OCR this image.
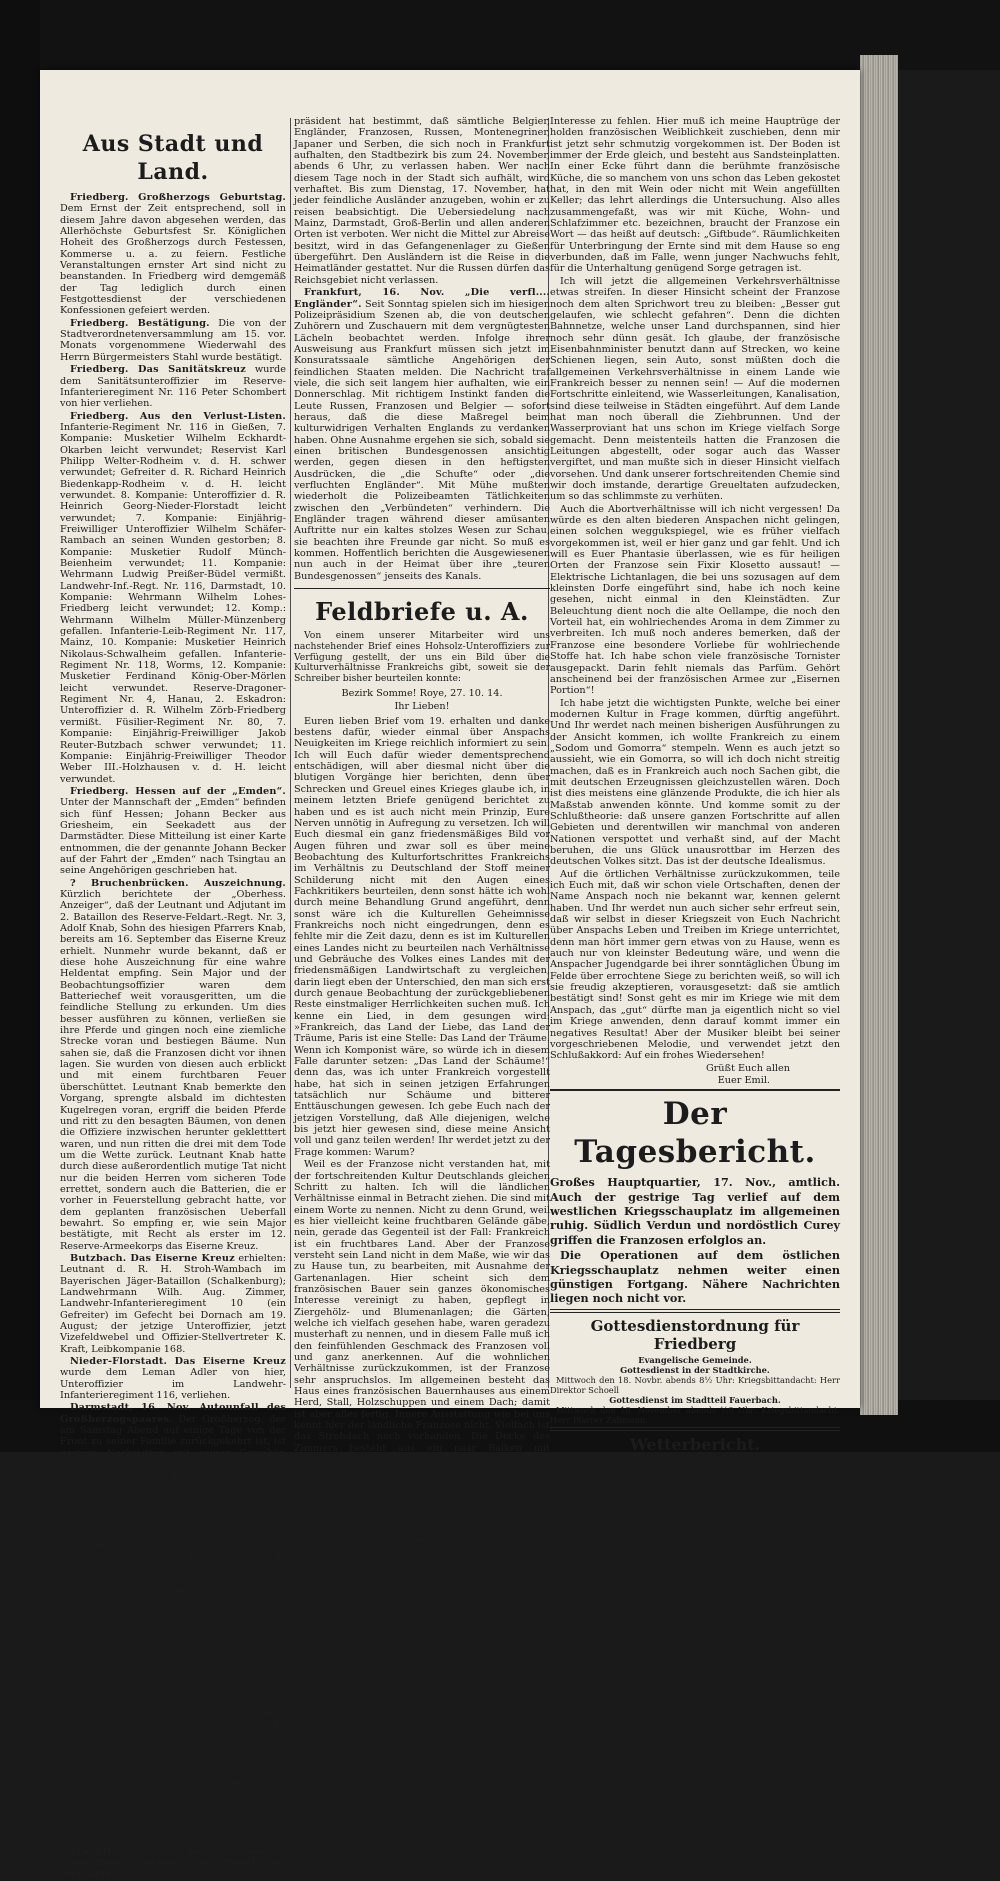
Aus Stadt und Land.

Friedberg. Großherzogs Geburtstag. Dem Ernst der Zeit entsprechend, soll in diesem Jahre davon abgesehen werden, das Allerhöchste Geburtsfest Sr. Königlichen Hoheit des Großherzogs durch Festessen, Kommerse u. a. zu feiern. Festliche Veranstaltungen ernster Art sind nicht zu beanstanden. In Friedberg wird demgemäß der Tag lediglich durch einen Festgottesdienst der verschiedenen Konfessionen gefeiert werden.

Friedberg. Bestätigung. Die von der Stadtverordnetenversammlung am 15. vor. Monats vorgenommene Wiederwahl des Herrn Bürgermeisters Stahl wurde bestätigt.

Friedberg. Das Sanitätskreuz wurde dem Sanitätsunteroffizier im Reserve-Infanterieregiment Nr. 116 Peter Schombert von hier verliehen.

Friedberg. Aus den Verlust-Listen. Infanterie-Regiment Nr. 116 in Gießen, 7. Kompanie: Musketier Wilhelm Eckhardt-Okarben leicht verwundet; Reservist Karl Philipp Welter-Rodheim v. d. H. schwer verwundet; Gefreiter d. R. Richard Heinrich Biedenkapp-Rodheim v. d. H. leicht verwundet. 8. Kompanie: Unteroffizier d. R. Heinrich Georg-Nieder-Florstadt leicht verwundet; 7. Kompanie: Einjährig-Freiwilliger Unteroffizier Wilhelm Schäfer-Rambach an seinen Wunden gestorben; 8. Kompanie: Musketier Rudolf Münch-Beienheim verwundet; 11. Kompanie: Wehrmann Ludwig Preißer-Büdel vermißt. Landwehr-Inf.-Regt. Nr. 116, Darmstadt, 10. Kompanie: Wehrmann Wilhelm Lohes-Friedberg leicht verwundet; 12. Komp.: Wehrmann Wilhelm Müller-Münzenberg gefallen. Infanterie-Leib-Regiment Nr. 117, Mainz, 10. Kompanie: Musketier Heinrich Nikolaus-Schwalheim gefallen. Infanterie-Regiment Nr. 118, Worms, 12. Kompanie: Musketier Ferdinand König-Ober-Mörlen leicht verwundet. Reserve-Dragoner-Regiment Nr. 4, Hanau, 2. Eskadron: Unteroffizier d. R. Wilhelm Zörb-Friedberg vermißt. Füsilier-Regiment Nr. 80, 7. Kompanie: Einjährig-Freiwilliger Jakob Reuter-Butzbach schwer verwundet; 11. Kompanie: Einjährig-Freiwilliger Theodor Weber III.-Holzhausen v. d. H. leicht verwundet.

Friedberg. Hessen auf der „Emden“. Unter der Mannschaft der „Emden“ befinden sich fünf Hessen; Johann Becker aus Griesheim, ein Seekadett aus der Darmstädter. Diese Mitteilung ist einer Karte entnommen, die der genannte Johann Becker auf der Fahrt der „Emden“ nach Tsingtau an seine Angehörigen geschrieben hat.

? Bruchenbrücken. Auszeichnung. Kürzlich berichtete der „Oberhess. Anzeiger“, daß der Leutnant und Adjutant im 2. Bataillon des Reserve-Feldart.-Regt. Nr. 3, Adolf Knab, Sohn des hiesigen Pfarrers Knab, bereits am 16. September das Eiserne Kreuz erhielt. Nunmehr wurde bekannt, daß er diese hohe Auszeichnung für eine wahre Heldentat empfing. Sein Major und der Beobachtungsoffizier waren dem Batteriechef weit vorausgeritten, um die feindliche Stellung zu erkunden. Um dies besser ausführen zu können, verließen sie ihre Pferde und gingen noch eine ziemliche Strecke voran und bestiegen Bäume. Nun sahen sie, daß die Franzosen dicht vor ihnen lagen. Sie wurden von diesen auch erblickt und mit einem furchtbaren Feuer überschüttet. Leutnant Knab bemerkte den Vorgang, sprengte alsbald im dichtesten Kugelregen voran, ergriff die beiden Pferde und ritt zu den besagten Bäumen, von denen die Offiziere inzwischen herunter gekletttert waren, und nun ritten die drei mit dem Tode um die Wette zurück. Leutnant Knab hatte durch diese außerordentlich mutige Tat nicht nur die beiden Herren vom sicheren Tode errettet, sondern auch die Batterien, die er vorher in Feuerstellung gebracht hatte, vor dem geplanten französischen Ueberfall bewahrt. So empfing er, wie sein Major bestätigte, mit Recht als erster im 12. Reserve-Armeekorps das Eiserne Kreuz.

Butzbach. Das Eiserne Kreuz erhielten: Leutnant d. R. H. Stroh-Wambach im Bayerischen Jäger-Bataillon (Schalkenburg); Landwehrmann Wilh. Aug. Zimmer, Landwehr-Infanterieregiment 10 (ein Gefreiter) im Gefecht bei Dornach am 19. August; der jetzige Unteroffizier, jetzt Vizefeldwebel und Offizier-Stellvertreter K. Kraft, Leibkompanie 168.

Nieder-Florstadt. Das Eiserne Kreuz wurde dem Leman Adler von hier, Unteroffizier im Landwehr-Infanterieregiment 116, verliehen.

Darmstadt, 16. Nov. Autounfall des Großherzogspaares. Der Großherzog, der am Samstag Abend auf einige Tage von der Front zu seiner Familie zurückgekehrt ist, ist gestern Nachmittag mit seiner Gemahlin einer großen Gefahr entgangen. Nachdem das Großherzogliche Paar am Morgen den Gottesdienst in der Hofkirche besucht hatte, wollte man am Nachmittag im Auto einen Besuch des Prinzenpaares Friedrich Karl in Frankfurt unternehmen. Das Auto, das nicht von dem gewohnten Chauffeur, sondern von einer jüngeren Kraft gesteuert wurde, fuhr in raschem Tempo über die Feldbergstraße, als an der Kreuzung des Dornheimerweges ein Wagen der Elektrischen Straßenbahn vom Bahnhof her heranfam. Beide Gefährte bemerkten sich aber zu spät. Der Chauffeur versuchte sofort zu bremsen, doch konnte der Zusammenstoß nicht mehr vermieden werden. Das Auto des Großherzoglichen Paares wurde von dem Wagen der Straßenbahn erfaßt und einige Meter zur Seite an den Bordstein der Straße geschleudert. Der Chauffeur stürzte aus dem Wagen, während das Großherzogspaar trotz des Ernstes des Vorfalles mit dem bloßen Schrecken davonkam. Auch der Chauffeur wurde nicht verletzt. Es wurde festgestellt, daß der Straßenbahnwagen, der richtiges Signal gegeben zu haben, noch schnell ein, als ob der Chauffeur nicht die richtige Fahrbahn eingehalten hat. Die polizeilichen Erhebungen sind im Gange. Das Auto wurde an den Hofwagen heran von Hofangestellten abgeholt. Der Großherzog wohnte abends im Hoftheater der Vorstellung von Tristan und Isolde unter Felix Weingartner bei. (Alsf. Ztg.)

Frankfurt, 15. Nov. Schärfere Maßnahmen gegen die feindlichen Ausländer. Der Polizei-

präsident hat bestimmt, daß sämtliche Belgier, Engländer, Franzosen, Russen, Montenegriner, Japaner und Serben, die sich noch in Frankfurt aufhalten, den Stadtbezirk bis zum 24. November, abends 6 Uhr, zu verlassen haben. Wer nach diesem Tage noch in der Stadt sich aufhält, wird verhaftet. Bis zum Dienstag, 17. November, hat jeder feindliche Ausländer anzugeben, wohin er zu reisen beabsichtigt. Die Uebersiedelung nach Mainz, Darmstadt, Groß-Berlin und allen anderen Orten ist verboten. Wer nicht die Mittel zur Abreise besitzt, wird in das Gefangenenlager zu Gießen übergeführt. Den Ausländern ist die Reise in die Heimatländer gestattet. Nur die Russen dürfen das Reichsgebiet nicht verlassen.

Frankfurt, 16. Nov. „Die verfl.... Engländer“. Seit Sonntag spielen sich im hiesigen Polizeipräsidium Szenen ab, die von deutschen Zuhörern und Zuschauern mit dem vergnügtesten Lächeln beobachtet werden. Infolge ihrer Ausweisung aus Frankfurt müssen sich jetzt im Konsuratssaale sämtliche Angehörigen der feindlichen Staaten melden. Die Nachricht traf viele, die sich seit langem hier aufhalten, wie ein Donnerschlag. Mit richtigem Instinkt fanden die Leute Russen, Franzosen und Belgier — sofort heraus, daß die diese Maßregel beim kulturwidrigen Verhalten Englands zu verdanken haben. Ohne Ausnahme ergehen sie sich, sobald sie einen britischen Bundesgenossen ansichtig werden, gegen diesen in den heftigsten Ausdrücken, die „die Schufte“ oder „die verfluchten Engländer“. Mit Mühe mußten wiederholt die Polizeibeamten Tätlichkeiten zwischen den „Verbündeten“ verhindern. Die Engländer tragen während dieser amüsanten Auftritte nur ein kaltes stolzes Wesen zur Schau, sie beachten ihre Freunde gar nicht. So muß es kommen. Hoffentlich berichten die Ausgewiesenen nun auch in der Heimat über ihre „teuren Bundesgenossen“ jenseits des Kanals.

Feldbriefe u. A.

Von einem unserer Mitarbeiter wird uns nachstehender Brief eines Hohsolz-Unteroffiziers zur Verfügung gestellt, der uns ein Bild über die Kulturverhältnisse Frankreichs gibt, soweit sie der Schreiber bisher beurteilen konnte:

Bezirk Somme! Roye, 27. 10. 14.

Ihr Lieben!

Euren lieben Brief vom 19. erhalten und danke bestens dafür, wieder einmal über Anspachs Neuigkeiten im Kriege reichlich informiert zu sein. Ich will Euch dafür wieder dementsprechend entschädigen, will aber diesmal nicht über die blutigen Vorgänge hier berichten, denn über Schrecken und Greuel eines Krieges glaube ich, in meinem letzten Briefe genügend berichtet zu haben und es ist auch nicht mein Prinzip, Eure Nerven unnötig in Aufregung zu versetzen. Ich will Euch diesmal ein ganz friedensmäßiges Bild vor Augen führen und zwar soll es über meine Beobachtung des Kulturfortschrittes Frankreichs im Verhältnis zu Deutschland der Stoff meiner Schilderung nicht mit den Augen eines Fachkritikers beurteilen, denn sonst hätte ich wohl durch meine Behandlung Grund angeführt, denn sonst wäre ich die Kulturellen Geheimnisse Frankreichs noch nicht eingedrungen, denn es fehlte mir die Zeit dazu, denn es ist im Kulturellen eines Landes nicht zu beurteilen nach Verhältnisse und Gebräuche des Volkes eines Landes mit der friedensmäßigen Landwirtschaft zu vergleichen, darin liegt eben der Unterschied, den man sich erst durch genaue Beobachtung der zurückgebliebenen Reste einstmaliger Herrlichkeiten suchen muß. Ich kenne ein Lied, in dem gesungen wird: »Frankreich, das Land der Liebe, das Land der Träume, Paris ist eine Stelle: Das Land der Träume. Wenn ich Komponist wäre, so würde ich in diesem Falle darunter setzen: „Das Land der Schäume!“ denn das, was ich unter Frankreich vorgestellt habe, hat sich in seinen jetzigen Erfahrungen tatsächlich nur Schäume und bitterer Enttäuschungen gewesen. Ich gebe Euch nach der jetzigen Vorstellung, daß Alle diejenigen, welche bis jetzt hier gewesen sind, diese meine Ansicht voll und ganz teilen werden! Ihr werdet jetzt zu der Frage kommen: Warum?

Weil es der Franzose nicht verstanden hat, mit der fortschreitenden Kultur Deutschlands gleichen Schritt zu halten. Ich will die ländlichen Verhältnisse einmal in Betracht ziehen. Die sind mit einem Worte zu nennen. Nicht zu denn Grund, weil es hier vielleicht keine fruchtbaren Gelände gäbe, nein, gerade das Gegenteil ist der Fall: Frankreich ist ein fruchtbares Land. Aber der Franzose versteht sein Land nicht in dem Maße, wie wir das zu Hause tun, zu bearbeiten, mit Ausnahme der Gartenanlagen. Hier scheint sich dem französischen Bauer sein ganzes ökonomisches Interesse vereinigt zu haben, gepflegt in Ziergehölz- und Blumenanlagen; die Gärten, welche ich vielfach gesehen habe, waren geradezu musterhaft zu nennen, und in diesem Falle muß ich den feinfühlenden Geschmack des Franzosen voll und ganz anerkennen. Auf die wohnlichen Verhältnisse zurückzukommen, ist der Franzose sehr anspruchslos. Im allgemeinen besteht das Haus eines französischen Bauernhauses aus einem Herd, Stall, Holzschuppen und einem Dach; damit ist aber alles fertig. Innere Ausstattung wie bei uns kennt hier der ländliche Franzose nicht. Vielfach ist das Strohdach noch vorhanden. Die Decke des Zimmers besteht aus ein paar Balken mit Bretterverschalung, Wände, dünnes Fachwerk mit Ziegelsteinausmauerung. Die Hauptzierde der Innenausrichtung ist der Kamin, der in keinem Hause fehlt. Auf der Kaminplatte, welche bei ärmeren Leuten aus Sandstein, bei reicheren aus Marmor besteht, sind in einer Reihe Ahnen- und Reliquen kunstgerecht aufgebaut. Bei Benutzung derartiger Kamine verwandelt sich die Stube in ein Rauchsalon, denn mit Vorliebe scheint der Franzose die rustikale Mehrheit seines Zimmers schwarz zu halten. Weiße Wände und Decken kennt er anscheinend nicht. Für Reinlichkeiten und Ordnung scheint auch das richtige

Interesse zu fehlen. Hier muß ich meine Hauptrüge der holden französischen Weiblichkeit zuschieben, denn mir ist jetzt sehr schmutzig vorgekommen ist. Der Boden ist immer der Erde gleich, und besteht aus Sandsteinplatten. In einer Ecke führt dann die berühmte französische Küche, die so manchem von uns schon das Leben gekostet hat, in den mit Wein oder nicht mit Wein angefüllten Keller; das lehrt allerdings die Untersuchung. Also alles zusammengefaßt, was wir mit Küche, Wohn- und Schlafzimmer etc. bezeichnen, braucht der Franzose ein Wort — das heißt auf deutsch: „Giftbude“. Räumlichkeiten für Unterbringung der Ernte sind mit dem Hause so eng verbunden, daß im Falle, wenn junger Nachwuchs fehlt, für die Unterhaltung genügend Sorge getragen ist.

Ich will jetzt die allgemeinen Verkehrsverhältnisse etwas streifen. In dieser Hinsicht scheint der Franzose noch dem alten Sprichwort treu zu bleiben: „Besser gut gelaufen, wie schlecht gefahren“. Denn die dichten Bahnnetze, welche unser Land durchspannen, sind hier noch sehr dünn gesät. Ich glaube, der französische Eisenbahnminister benutzt dann auf Strecken, wo keine Schienen liegen, sein Auto, sonst müßten doch die allgemeinen Verkehrsverhältnisse in einem Lande wie Frankreich besser zu nennen sein! — Auf die modernen Fortschritte einleitend, wie Wasserleitungen, Kanalisation, sind diese teilweise in Städten eingeführt. Auf dem Lande hat man noch überall die Ziehbrunnen. Und der Wasserproviant hat uns schon im Kriege vielfach Sorge gemacht. Denn meistenteils hatten die Franzosen die Leitungen abgestellt, oder sogar auch das Wasser vergiftet, und man mußte sich in dieser Hinsicht vielfach vorsehen. Und dank unserer fortschreitenden Chemie sind wir doch imstande, derartige Greueltaten aufzudecken, um so das schlimmste zu verhüten.

Auch die Abortverhältnisse will ich nicht vergessen! Da würde es den alten biederen Anspachen nicht gelingen, einen solchen weggukspiegel, wie es früher vielfach vorgekommen ist, weil er hier ganz und gar fehlt. Und ich will es Euer Phantasie überlassen, wie es für heiligen Orten der Franzose sein Fixir Klosetto aussaut! — Elektrische Lichtanlagen, die bei uns sozusagen auf dem kleinsten Dorfe eingeführt sind, habe ich noch keine gesehen, nicht einmal in den Kleinstädten. Zur Beleuchtung dient noch die alte Oellampe, die noch den Vorteil hat, ein wohlriechendes Aroma in dem Zimmer zu verbreiten. Ich muß noch anderes bemerken, daß der Franzose eine besondere Vorliebe für wohlriechende Stoffe hat. Ich habe schon viele französische Tornister ausgepackt. Darin fehlt niemals das Parfüm. Gehört anscheinend bei der französischen Armee zur „Eisernen Portion“!

Ich habe jetzt die wichtigsten Punkte, welche bei einer modernen Kultur in Frage kommen, dürftig angeführt. Und Ihr werdet nach meinen bisherigen Ausführungen zu der Ansicht kommen, ich wollte Frankreich zu einem „Sodom und Gomorra“ stempeln. Wenn es auch jetzt so aussieht, wie ein Gomorra, so will ich doch nicht streitig machen, daß es in Frankreich auch noch Sachen gibt, die mit deutschen Erzeugnissen gleichzustellen wären. Doch ist dies meistens eine glänzende Produkte, die ich hier als Maßstab anwenden könnte. Und komme somit zu der Schlußtheorie: daß unsere ganzen Fortschritte auf allen Gebieten und derentwillen wir manchmal von anderen Nationen verspottet und verhaßt sind, auf der Macht beruhen, die uns Glück unausrottbar im Herzen des deutschen Volkes sitzt. Das ist der deutsche Idealismus.

Auf die örtlichen Verhältnisse zurückzukommen, teile ich Euch mit, daß wir schon viele Ortschaften, denen der Name Anspach noch nie bekannt war, kennen gelernt haben. Und Ihr werdet nun auch sicher sehr erfreut sein, daß wir selbst in dieser Kriegszeit von Euch Nachricht über Anspachs Leben und Treiben im Kriege unterrichtet, denn man hört immer gern etwas von zu Hause, wenn es auch nur von kleinster Bedeutung wäre, und wenn die Anspacher Jugendgarde bei ihrer sonntäglichen Übung im Felde über errochtene Siege zu berichten weiß, so will ich sie freudig akzeptieren, vorausgesetzt: daß sie amtlich bestätigt sind! Sonst geht es mir im Kriege wie mit dem Anspach, das „gut“ dürfte man ja eigentlich nicht so viel im Kriege anwenden, denn darauf kommt immer ein negatives Resultat! Aber der Musiker bleibt bei seiner vorgeschriebenen Melodie, und verwendet jetzt den Schlußakkord: Auf ein frohes Wiedersehen!

Grüßt Euch allen

Euer Emil.

Der Tagesbericht.

Großes Hauptquartier, 17. Nov., amtlich. Auch der gestrige Tag verlief auf dem westlichen Kriegsschauplatz im allgemeinen ruhig. Südlich Verdun und nordöstlich Curey griffen die Franzosen erfolglos an.

Die Operationen auf dem östlichen Kriegsschauplatz nehmen weiter einen günstigen Fortgang. Nähere Nachrichten liegen noch nicht vor.

Gottesdienstordnung für Friedberg

Evangelische Gemeinde.

Gottesdienst in der Stadtkirche.

Mittwoch den 18. Novbr. abends 8½ Uhr: Kriegsbittandacht: Herr Direktor Schoell

Gottesdienst im Stadtteil Fauerbach.

Mittwoch den 18. November abends ½9 Uhr: Kriegsbittandacht: Herr Pfarrer Zahmann.

Wetterbericht.

Voraussichtliche Witterung für Mittwoch, 18. Novbr.: Wolkig, trocken, kalt, Nachtfrost, nördliche Winde.
